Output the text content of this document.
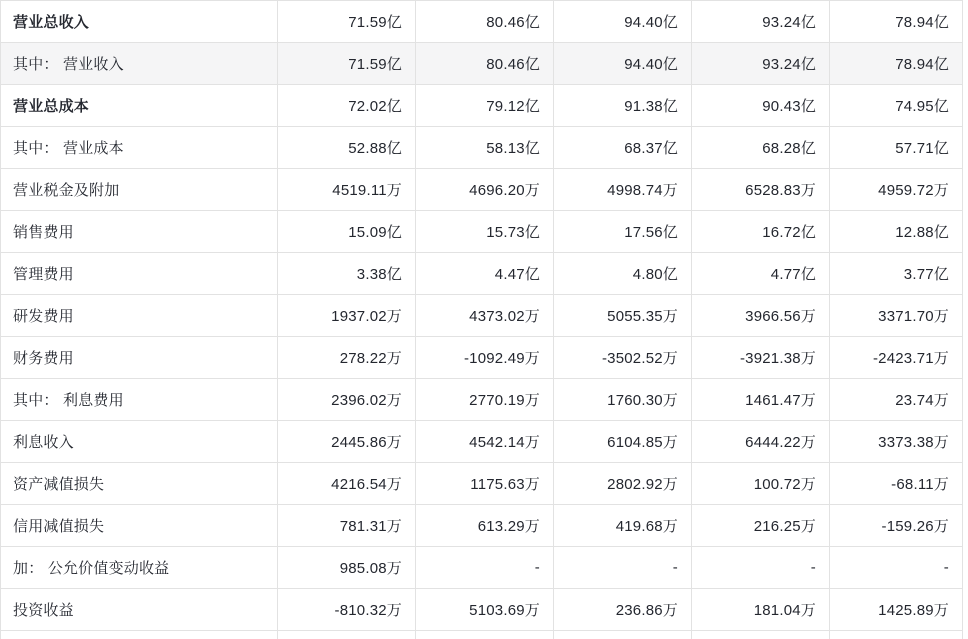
营业总收入	71.59亿	80.46亿	94.40亿	93.24亿	78.94亿
其中： 营业收入	71.59亿	80.46亿	94.40亿	93.24亿	78.94亿
营业总成本	72.02亿	79.12亿	91.38亿	90.43亿	74.95亿
其中： 营业成本	52.88亿	58.13亿	68.37亿	68.28亿	57.71亿
营业税金及附加	4519.11万	4696.20万	4998.74万	6528.83万	4959.72万
销售费用	15.09亿	15.73亿	17.56亿	16.72亿	12.88亿
管理费用	3.38亿	4.47亿	4.80亿	4.77亿	3.77亿
研发费用	1937.02万	4373.02万	5055.35万	3966.56万	3371.70万
财务费用	278.22万	-1092.49万	-3502.52万	-3921.38万	-2423.71万
其中： 利息费用	2396.02万	2770.19万	1760.30万	1461.47万	23.74万
利息收入	2445.86万	4542.14万	6104.85万	6444.22万	3373.38万
资产减值损失	4216.54万	1175.63万	2802.92万	100.72万	-68.11万
信用减值损失	781.31万	613.29万	419.68万	216.25万	-159.26万
加： 公允价值变动收益	985.08万	-	-	-	-
投资收益	-810.32万	5103.69万	236.86万	181.04万	1425.89万
